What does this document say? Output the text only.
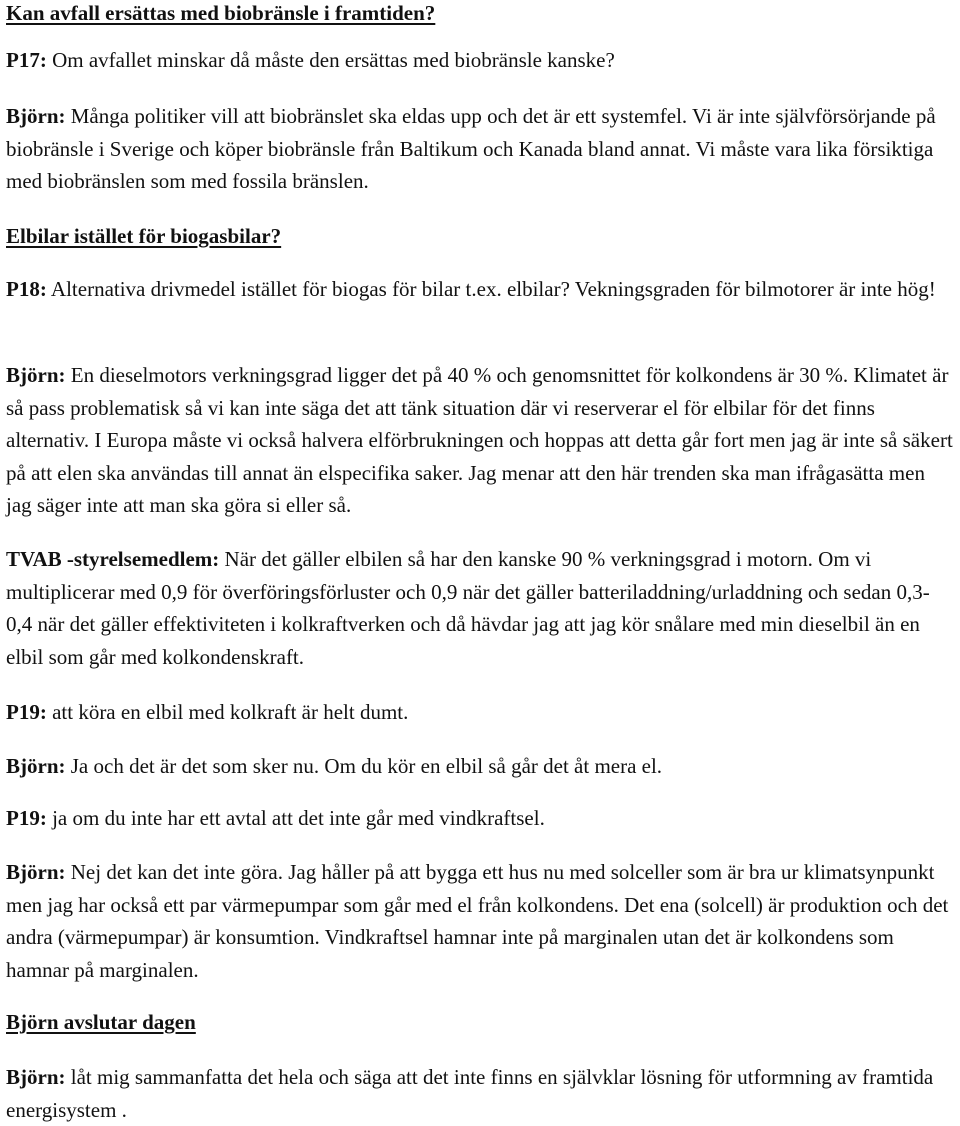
Kan avfall ersättas med biobränsle i framtiden?

P17: Om avfallet minskar då måste den ersättas med biobränsle kanske?

Björn: Många politiker vill att biobränslet ska eldas upp och det är ett systemfel. Vi är inte självförsörjande på biobränsle i Sverige och köper biobränsle från Baltikum och Kanada bland annat. Vi måste vara lika försiktiga med biobränslen som med fossila bränslen.

Elbilar istället för biogasbilar?

P18: Alternativa drivmedel istället för biogas för bilar t.ex. elbilar? Vekningsgraden för bilmotorer är inte hög!

Björn: En dieselmotors verkningsgrad ligger det på 40 % och genomsnittet för kolkondens är 30 %. Klimatet är så pass problematisk så vi kan inte säga det att tänk situation där vi reserverar el för elbilar för det finns alternativ. I Europa måste vi också halvera elförbrukningen och hoppas att detta går fort men jag är inte så säkert på att elen ska användas till annat än elspecifika saker. Jag menar att den här trenden ska man ifrågasätta men jag säger inte att man ska göra si eller så.

TVAB -styrelsemedlem: När det gäller elbilen så har den kanske 90 % verkningsgrad i motorn. Om vi multiplicerar med 0,9 för överföringsförluster och 0,9 när det gäller batteriladdning/urladdning och sedan 0,3-0,4 när det gäller effektiviteten i kolkraftverken och då hävdar jag att jag kör snålare med min dieselbil än en elbil som går med kolkondenskraft.

P19: att köra en elbil med kolkraft är helt dumt.

Björn: Ja och det är det som sker nu. Om du kör en elbil så går det åt mera el.

P19: ja om du inte har ett avtal att det inte går med vindkraftsel.

Björn: Nej det kan det inte göra. Jag håller på att bygga ett hus nu med solceller som är bra ur klimatsynpunkt men jag har också ett par värmepumpar som går med el från kolkondens. Det ena (solcell) är produktion och det andra (värmepumpar) är konsumtion. Vindkraftsel hamnar inte på marginalen utan det är kolkondens som hamnar på marginalen.

Björn avslutar dagen

Björn: låt mig sammanfatta det hela och säga att det inte finns en självklar lösning för utformning av framtida energisystem .
